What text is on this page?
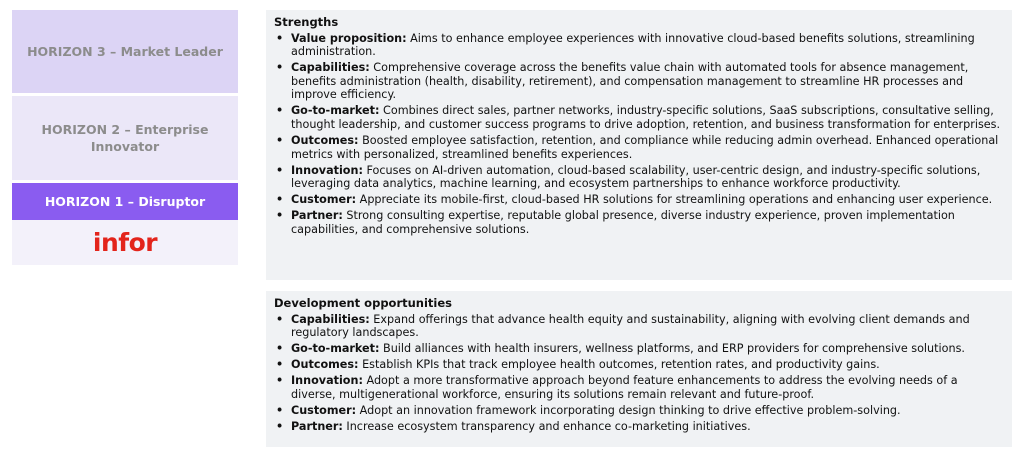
HORIZON 3 – Market Leader
HORIZON 2 – Enterprise Innovator
HORIZON 1 – Disruptor
infor
Strengths
• Value proposition: Aims to enhance employee experiences with innovative cloud-based benefits solutions, streamlining administration.
• Capabilities: Comprehensive coverage across the benefits value chain with automated tools for absence management, benefits administration (health, disability, retirement), and compensation management to streamline HR processes and improve efficiency.
• Go-to-market: Combines direct sales, partner networks, industry-specific solutions, SaaS subscriptions, consultative selling, thought leadership, and customer success programs to drive adoption, retention, and business transformation for enterprises.
• Outcomes: Boosted employee satisfaction, retention, and compliance while reducing admin overhead. Enhanced operational metrics with personalized, streamlined benefits experiences.
• Innovation: Focuses on AI-driven automation, cloud-based scalability, user-centric design, and industry-specific solutions, leveraging data analytics, machine learning, and ecosystem partnerships to enhance workforce productivity.
• Customer: Appreciate its mobile-first, cloud-based HR solutions for streamlining operations and enhancing user experience.
• Partner: Strong consulting expertise, reputable global presence, diverse industry experience, proven implementation capabilities, and comprehensive solutions.
Development opportunities
• Capabilities: Expand offerings that advance health equity and sustainability, aligning with evolving client demands and regulatory landscapes.
• Go-to-market: Build alliances with health insurers, wellness platforms, and ERP providers for comprehensive solutions.
• Outcomes: Establish KPIs that track employee health outcomes, retention rates, and productivity gains.
• Innovation: Adopt a more transformative approach beyond feature enhancements to address the evolving needs of a diverse, multigenerational workforce, ensuring its solutions remain relevant and future-proof.
• Customer: Adopt an innovation framework incorporating design thinking to drive effective problem-solving.
• Partner: Increase ecosystem transparency and enhance co-marketing initiatives.
